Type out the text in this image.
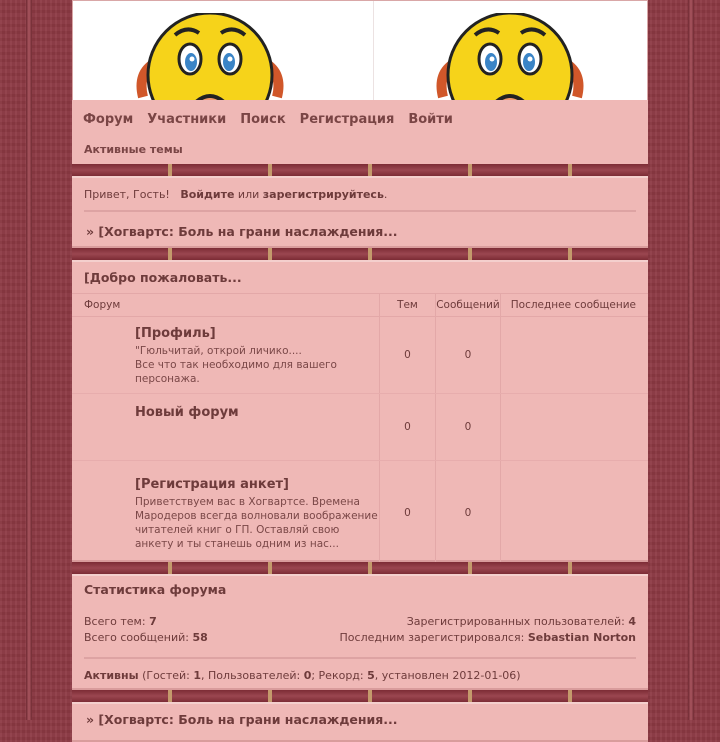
Форум	Участники	Поиск	Регистрация	Войти
Активные темы
Привет, Гость! Войдите или зарегистрируйтесь.
» [Хогвартс: Боль на грани наслаждения...
[Добро пожаловать...
Форум	Тем	Сообщений	Последнее сообщение

[Профиль]
"Гюльчитай, открой личико....
Все что так необходимо для вашего персонажа.	0	0	

Новый форум	0	0	

[Регистрация анкет]
Приветствуем вас в Хогвартсе. Времена Мародеров всегда волновали воображение читателей книг о ГП. Оставляй свою анкету и ты станешь одним из нас...	0	0	
Статистика форума
Всего тем: 7	Зарегистрированных пользователей: 4
Всего сообщений: 58	Последним зарегистрировался: Sebastian Norton
Активны (Гостей: 1, Пользователей: 0; Рекорд: 5, установлен 2012-01-06)
» [Хогвартс: Боль на грани наслаждения...
